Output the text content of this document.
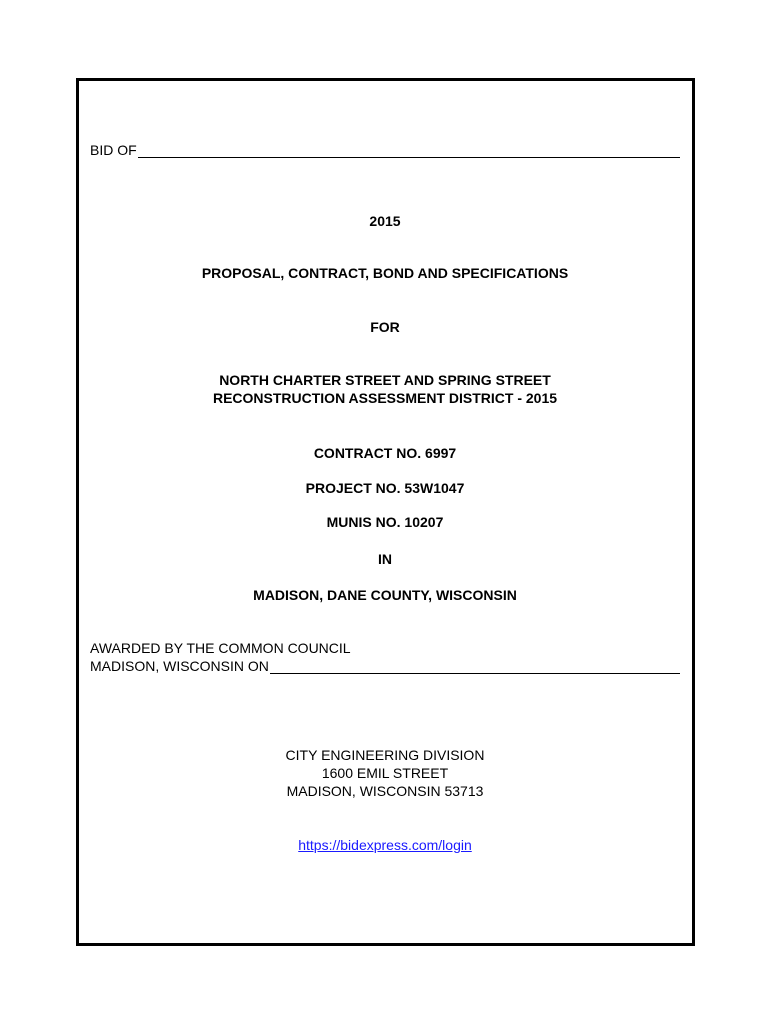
BID OF
2015
PROPOSAL, CONTRACT, BOND AND SPECIFICATIONS
FOR
NORTH CHARTER STREET AND SPRING STREET
RECONSTRUCTION ASSESSMENT DISTRICT - 2015
CONTRACT NO. 6997
PROJECT NO. 53W1047
MUNIS NO. 10207
IN
MADISON, DANE COUNTY, WISCONSIN
AWARDED BY THE COMMON COUNCIL
MADISON, WISCONSIN ON
CITY ENGINEERING DIVISION
1600 EMIL STREET
MADISON, WISCONSIN 53713
https://bidexpress.com/login
